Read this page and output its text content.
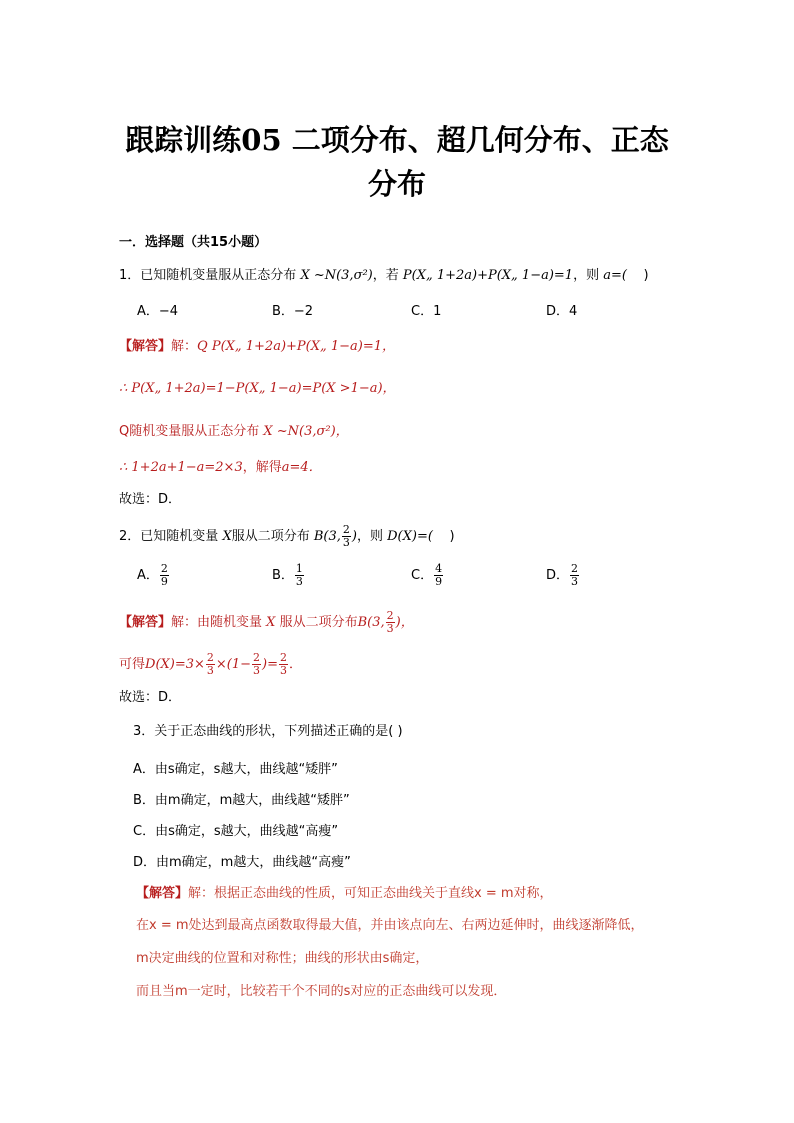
跟踪训练05 二项分布、超几何分布、正态
分布
一．选择题（共15小题）
1．已知随机变量服从正态分布 X ~N(3,σ²)，若 P(X„ 1+2a)+P(X„ 1−a)=1，则 a=(    )
A．−4	B．−2	C．1	D．4
【解答】解：Q P(X„ 1+2a)+P(X„ 1−a)=1，
∴ P(X„ 1+2a)=1−P(X„ 1−a)=P(X >1−a)，
Q随机变量服从正态分布 X ~N(3,σ²)，
∴ 1+2a+1−a=2×3，解得a=4．
故选：D．
2．已知随机变量 X服从二项分布 B(3, $\frac{2}{3}$ )，则 D(X)=(    )
A． $\frac{2}{9}$	B． $\frac{1}{3}$	C． $\frac{4}{9}$	D． $\frac{2}{3}$
【解答】解：由随机变量 X 服从二项分布B(3, $\frac{2}{3}$ )，
可得$D(X)=3\times \frac{2}{3} \times(1- \frac{2}{3}$ )= $\frac{2}{3}$ ．
故选：D．
3．关于正态曲线的形状，下列描述正确的是( )
A．由s确定，s越大，曲线越“矮胖”
B．由m确定，m越大，曲线越“矮胖”
C．由s确定，s越大，曲线越“高瘦”
D．由m确定，m越大，曲线越“高瘦”
【解答】解：根据正态曲线的性质，可知正态曲线关于直线x = m对称，
在x = m处达到最高点函数取得最大值，并由该点向左、右两边延伸时，曲线逐渐降低，
m决定曲线的位置和对称性；曲线的形状由s确定，
而且当m一定时，比较若干个不同的s对应的正态曲线可以发现．
